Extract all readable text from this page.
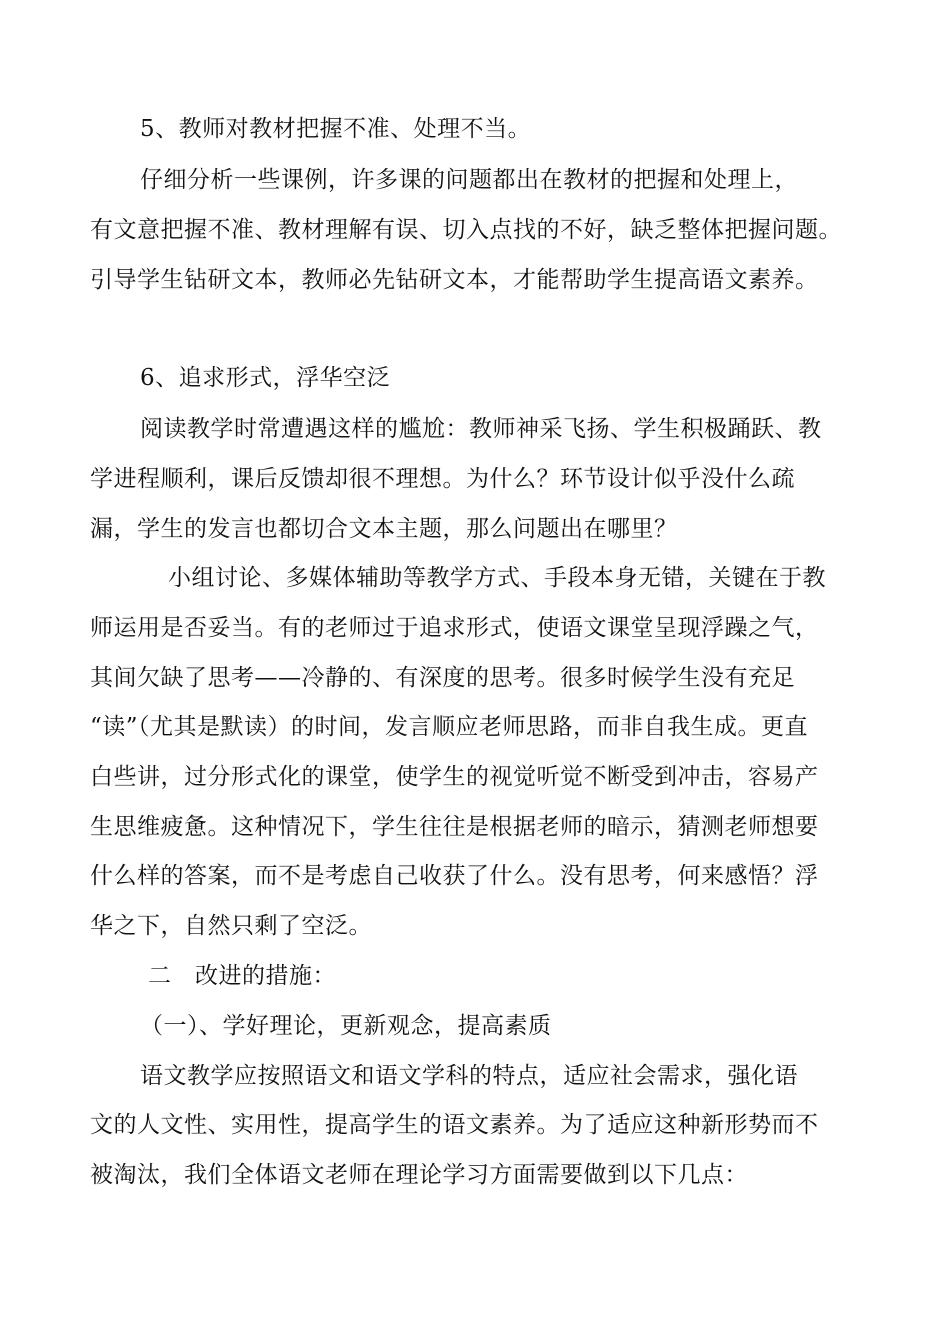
5、教师对教材把握不准、处理不当。
仔细分析一些课例，许多课的问题都出在教材的把握和处理上，
有文意把握不准、教材理解有误、切入点找的不好，缺乏整体把握问题。
引导学生钻研文本，教师必先钻研文本，才能帮助学生提高语文素养。
6、追求形式，浮华空泛
阅读教学时常遭遇这样的尴尬：教师神采飞扬、学生积极踊跃、教
学进程顺利，课后反馈却很不理想。为什么？环节设计似乎没什么疏
漏，学生的发言也都切合文本主题，那么问题出在哪里？
小组讨论、多媒体辅助等教学方式、手段本身无错，关键在于教
师运用是否妥当。有的老师过于追求形式，使语文课堂呈现浮躁之气，
其间欠缺了思考——冷静的、有深度的思考。很多时候学生没有充足
“读”（尤其是默读）的时间，发言顺应老师思路，而非自我生成。更直
白些讲，过分形式化的课堂，使学生的视觉听觉不断受到冲击，容易产
生思维疲惫。这种情况下，学生往往是根据老师的暗示，猜测老师想要
什么样的答案，而不是考虑自己收获了什么。没有思考，何来感悟？浮
华之下，自然只剩了空泛。
二　改进的措施：
（一）、学好理论，更新观念，提高素质
语文教学应按照语文和语文学科的特点，适应社会需求，强化语
文的人文性、实用性，提高学生的语文素养。为了适应这种新形势而不
被淘汰，我们全体语文老师在理论学习方面需要做到以下几点：
